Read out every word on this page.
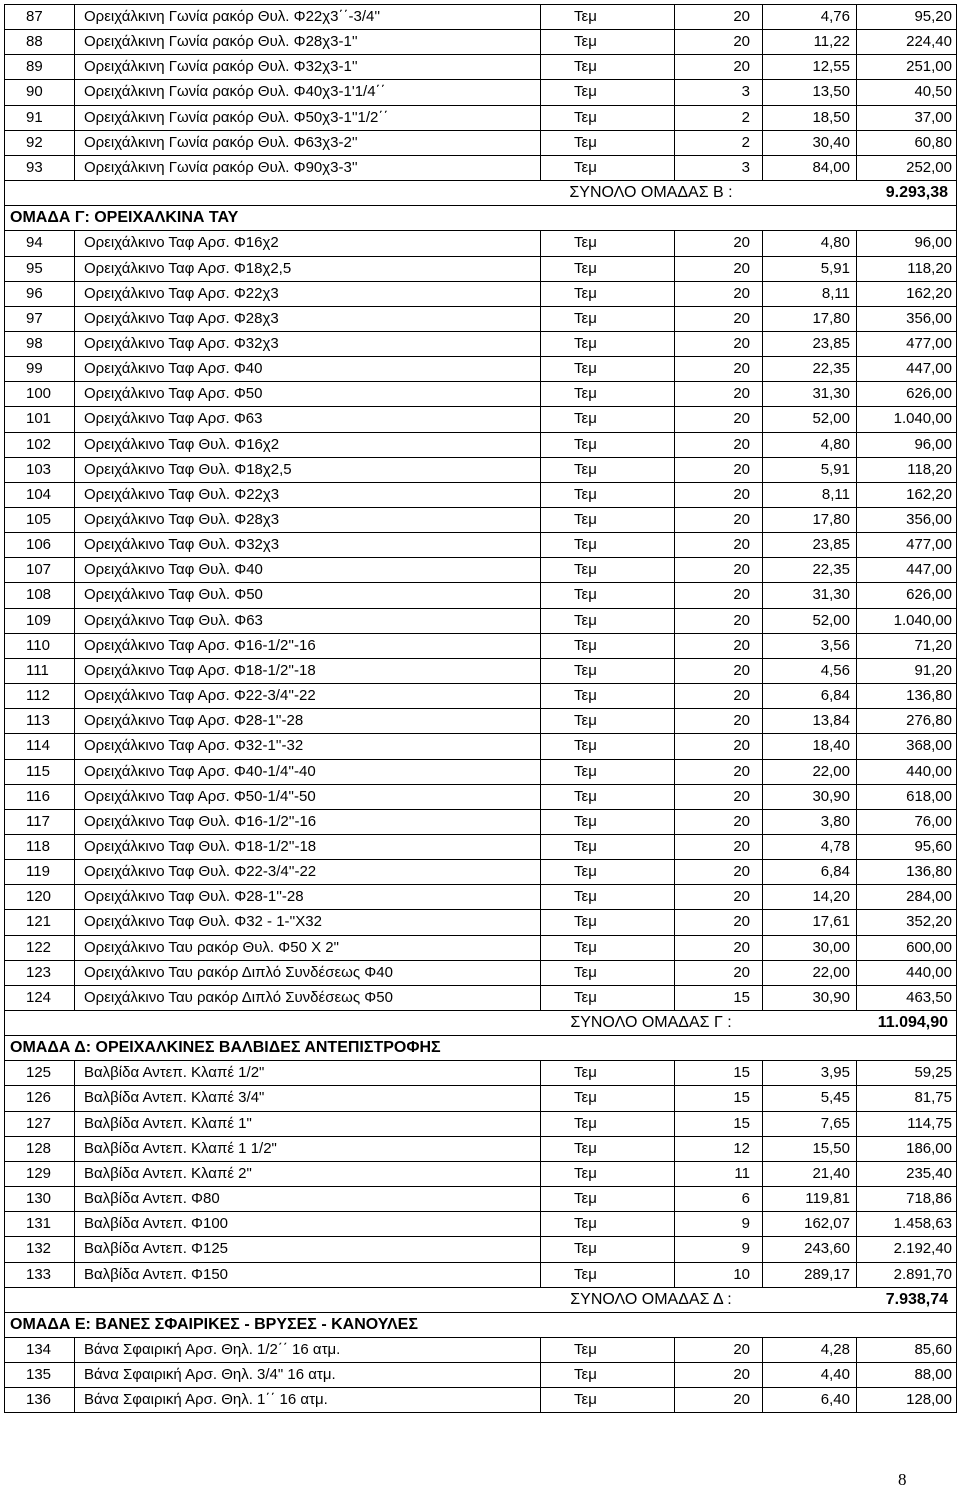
87	Ορειχάλκινη Γωνία ρακόρ Θυλ. Φ22χ3΄΄-3/4''	Τεμ	20	4,76	95,20
88	Ορειχάλκινη Γωνία ρακόρ Θυλ. Φ28χ3-1''	Τεμ	20	11,22	224,40
89	Ορειχάλκινη Γωνία ρακόρ Θυλ. Φ32χ3-1''	Τεμ	20	12,55	251,00
90	Ορειχάλκινη Γωνία ρακόρ Θυλ. Φ40χ3-1'1/4΄΄	Τεμ	3	13,50	40,50
91	Ορειχάλκινη Γωνία ρακόρ Θυλ. Φ50χ3-1''1/2΄΄	Τεμ	2	18,50	37,00
92	Ορειχάλκινη Γωνία ρακόρ Θυλ. Φ63χ3-2''	Τεμ	2	30,40	60,80
93	Ορειχάλκινη Γωνία ρακόρ Θυλ. Φ90χ3-3''	Τεμ	3	84,00	252,00
ΣΥΝΟΛΟ ΟΜΑΔΑΣ Β :	9.293,38
ΟΜΑΔΑ Γ: ΟΡΕΙΧΑΛΚΙΝΑ ΤΑΥ
94	Ορειχάλκινο Ταφ Αρσ. Φ16χ2	Τεμ	20	4,80	96,00
95	Ορειχάλκινο Ταφ Αρσ. Φ18χ2,5	Τεμ	20	5,91	118,20
96	Ορειχάλκινο Ταφ Αρσ. Φ22χ3	Τεμ	20	8,11	162,20
97	Ορειχάλκινο Ταφ Αρσ. Φ28χ3	Τεμ	20	17,80	356,00
98	Ορειχάλκινο Ταφ Αρσ. Φ32χ3	Τεμ	20	23,85	477,00
99	Ορειχάλκινο Ταφ Αρσ. Φ40	Τεμ	20	22,35	447,00
100	Ορειχάλκινο Ταφ Αρσ. Φ50	Τεμ	20	31,30	626,00
101	Ορειχάλκινο Ταφ Αρσ. Φ63	Τεμ	20	52,00	1.040,00
102	Ορειχάλκινο Ταφ Θυλ. Φ16χ2	Τεμ	20	4,80	96,00
103	Ορειχάλκινο Ταφ Θυλ. Φ18χ2,5	Τεμ	20	5,91	118,20
104	Ορειχάλκινο Ταφ Θυλ. Φ22χ3	Τεμ	20	8,11	162,20
105	Ορειχάλκινο Ταφ Θυλ. Φ28χ3	Τεμ	20	17,80	356,00
106	Ορειχάλκινο Ταφ Θυλ. Φ32χ3	Τεμ	20	23,85	477,00
107	Ορειχάλκινο Ταφ Θυλ. Φ40	Τεμ	20	22,35	447,00
108	Ορειχάλκινο Ταφ Θυλ. Φ50	Τεμ	20	31,30	626,00
109	Ορειχάλκινο Ταφ Θυλ. Φ63	Τεμ	20	52,00	1.040,00
110	Ορειχάλκινο Ταφ Αρσ. Φ16-1/2''-16	Τεμ	20	3,56	71,20
111	Ορειχάλκινο Ταφ Αρσ. Φ18-1/2''-18	Τεμ	20	4,56	91,20
112	Ορειχάλκινο Ταφ Αρσ. Φ22-3/4''-22	Τεμ	20	6,84	136,80
113	Ορειχάλκινο Ταφ Αρσ. Φ28-1''-28	Τεμ	20	13,84	276,80
114	Ορειχάλκινο Ταφ Αρσ. Φ32-1''-32	Τεμ	20	18,40	368,00
115	Ορειχάλκινο Ταφ Αρσ. Φ40-1/4''-40	Τεμ	20	22,00	440,00
116	Ορειχάλκινο Ταφ Αρσ. Φ50-1/4''-50	Τεμ	20	30,90	618,00
117	Ορειχάλκινο Ταφ Θυλ. Φ16-1/2''-16	Τεμ	20	3,80	76,00
118	Ορειχάλκινο Ταφ Θυλ. Φ18-1/2''-18	Τεμ	20	4,78	95,60
119	Ορειχάλκινο Ταφ Θυλ. Φ22-3/4''-22	Τεμ	20	6,84	136,80
120	Ορειχάλκινο Ταφ Θυλ. Φ28-1''-28	Τεμ	20	14,20	284,00
121	Ορειχάλκινο Ταφ Θυλ. Φ32 - 1-''Χ32	Τεμ	20	17,61	352,20
122	Ορειχάλκινο Ταυ ρακόρ Θυλ. Φ50 Χ 2"	Τεμ	20	30,00	600,00
123	Ορειχάλκινο Ταυ ρακόρ Διπλό Συνδέσεως Φ40	Τεμ	20	22,00	440,00
124	Ορειχάλκινο Ταυ ρακόρ Διπλό Συνδέσεως Φ50	Τεμ	15	30,90	463,50
ΣΥΝΟΛΟ ΟΜΑΔΑΣ Γ :	11.094,90
ΟΜΑΔΑ Δ: ΟΡΕΙΧΑΛΚΙΝΕΣ ΒΑΛΒΙΔΕΣ ΑΝΤΕΠΙΣΤΡΟΦΗΣ
125	Βαλβίδα Αντεπ. Κλαπέ 1/2"	Τεμ	15	3,95	59,25
126	Βαλβίδα Αντεπ. Κλαπέ 3/4"	Τεμ	15	5,45	81,75
127	Βαλβίδα Αντεπ. Κλαπέ 1"	Τεμ	15	7,65	114,75
128	Βαλβίδα Αντεπ. Κλαπέ 1 1/2"	Τεμ	12	15,50	186,00
129	Βαλβίδα Αντεπ. Κλαπέ 2"	Τεμ	11	21,40	235,40
130	Βαλβίδα Αντεπ. Φ80	Τεμ	6	119,81	718,86
131	Βαλβίδα Αντεπ. Φ100	Τεμ	9	162,07	1.458,63
132	Βαλβίδα Αντεπ. Φ125	Τεμ	9	243,60	2.192,40
133	Βαλβίδα Αντεπ. Φ150	Τεμ	10	289,17	2.891,70
ΣΥΝΟΛΟ ΟΜΑΔΑΣ Δ :	7.938,74
ΟΜΑΔΑ Ε: ΒΑΝΕΣ ΣΦΑΙΡΙΚΕΣ - ΒΡΥΣΕΣ - ΚΑΝΟΥΛΕΣ
134	Βάνα Σφαιρική Αρσ. Θηλ. 1/2΄΄ 16 ατμ.	Τεμ	20	4,28	85,60
135	Βάνα Σφαιρική Αρσ. Θηλ. 3/4" 16 ατμ.	Τεμ	20	4,40	88,00
136	Βάνα Σφαιρική Αρσ. Θηλ. 1΄΄ 16 ατμ.	Τεμ	20	6,40	128,00
8
